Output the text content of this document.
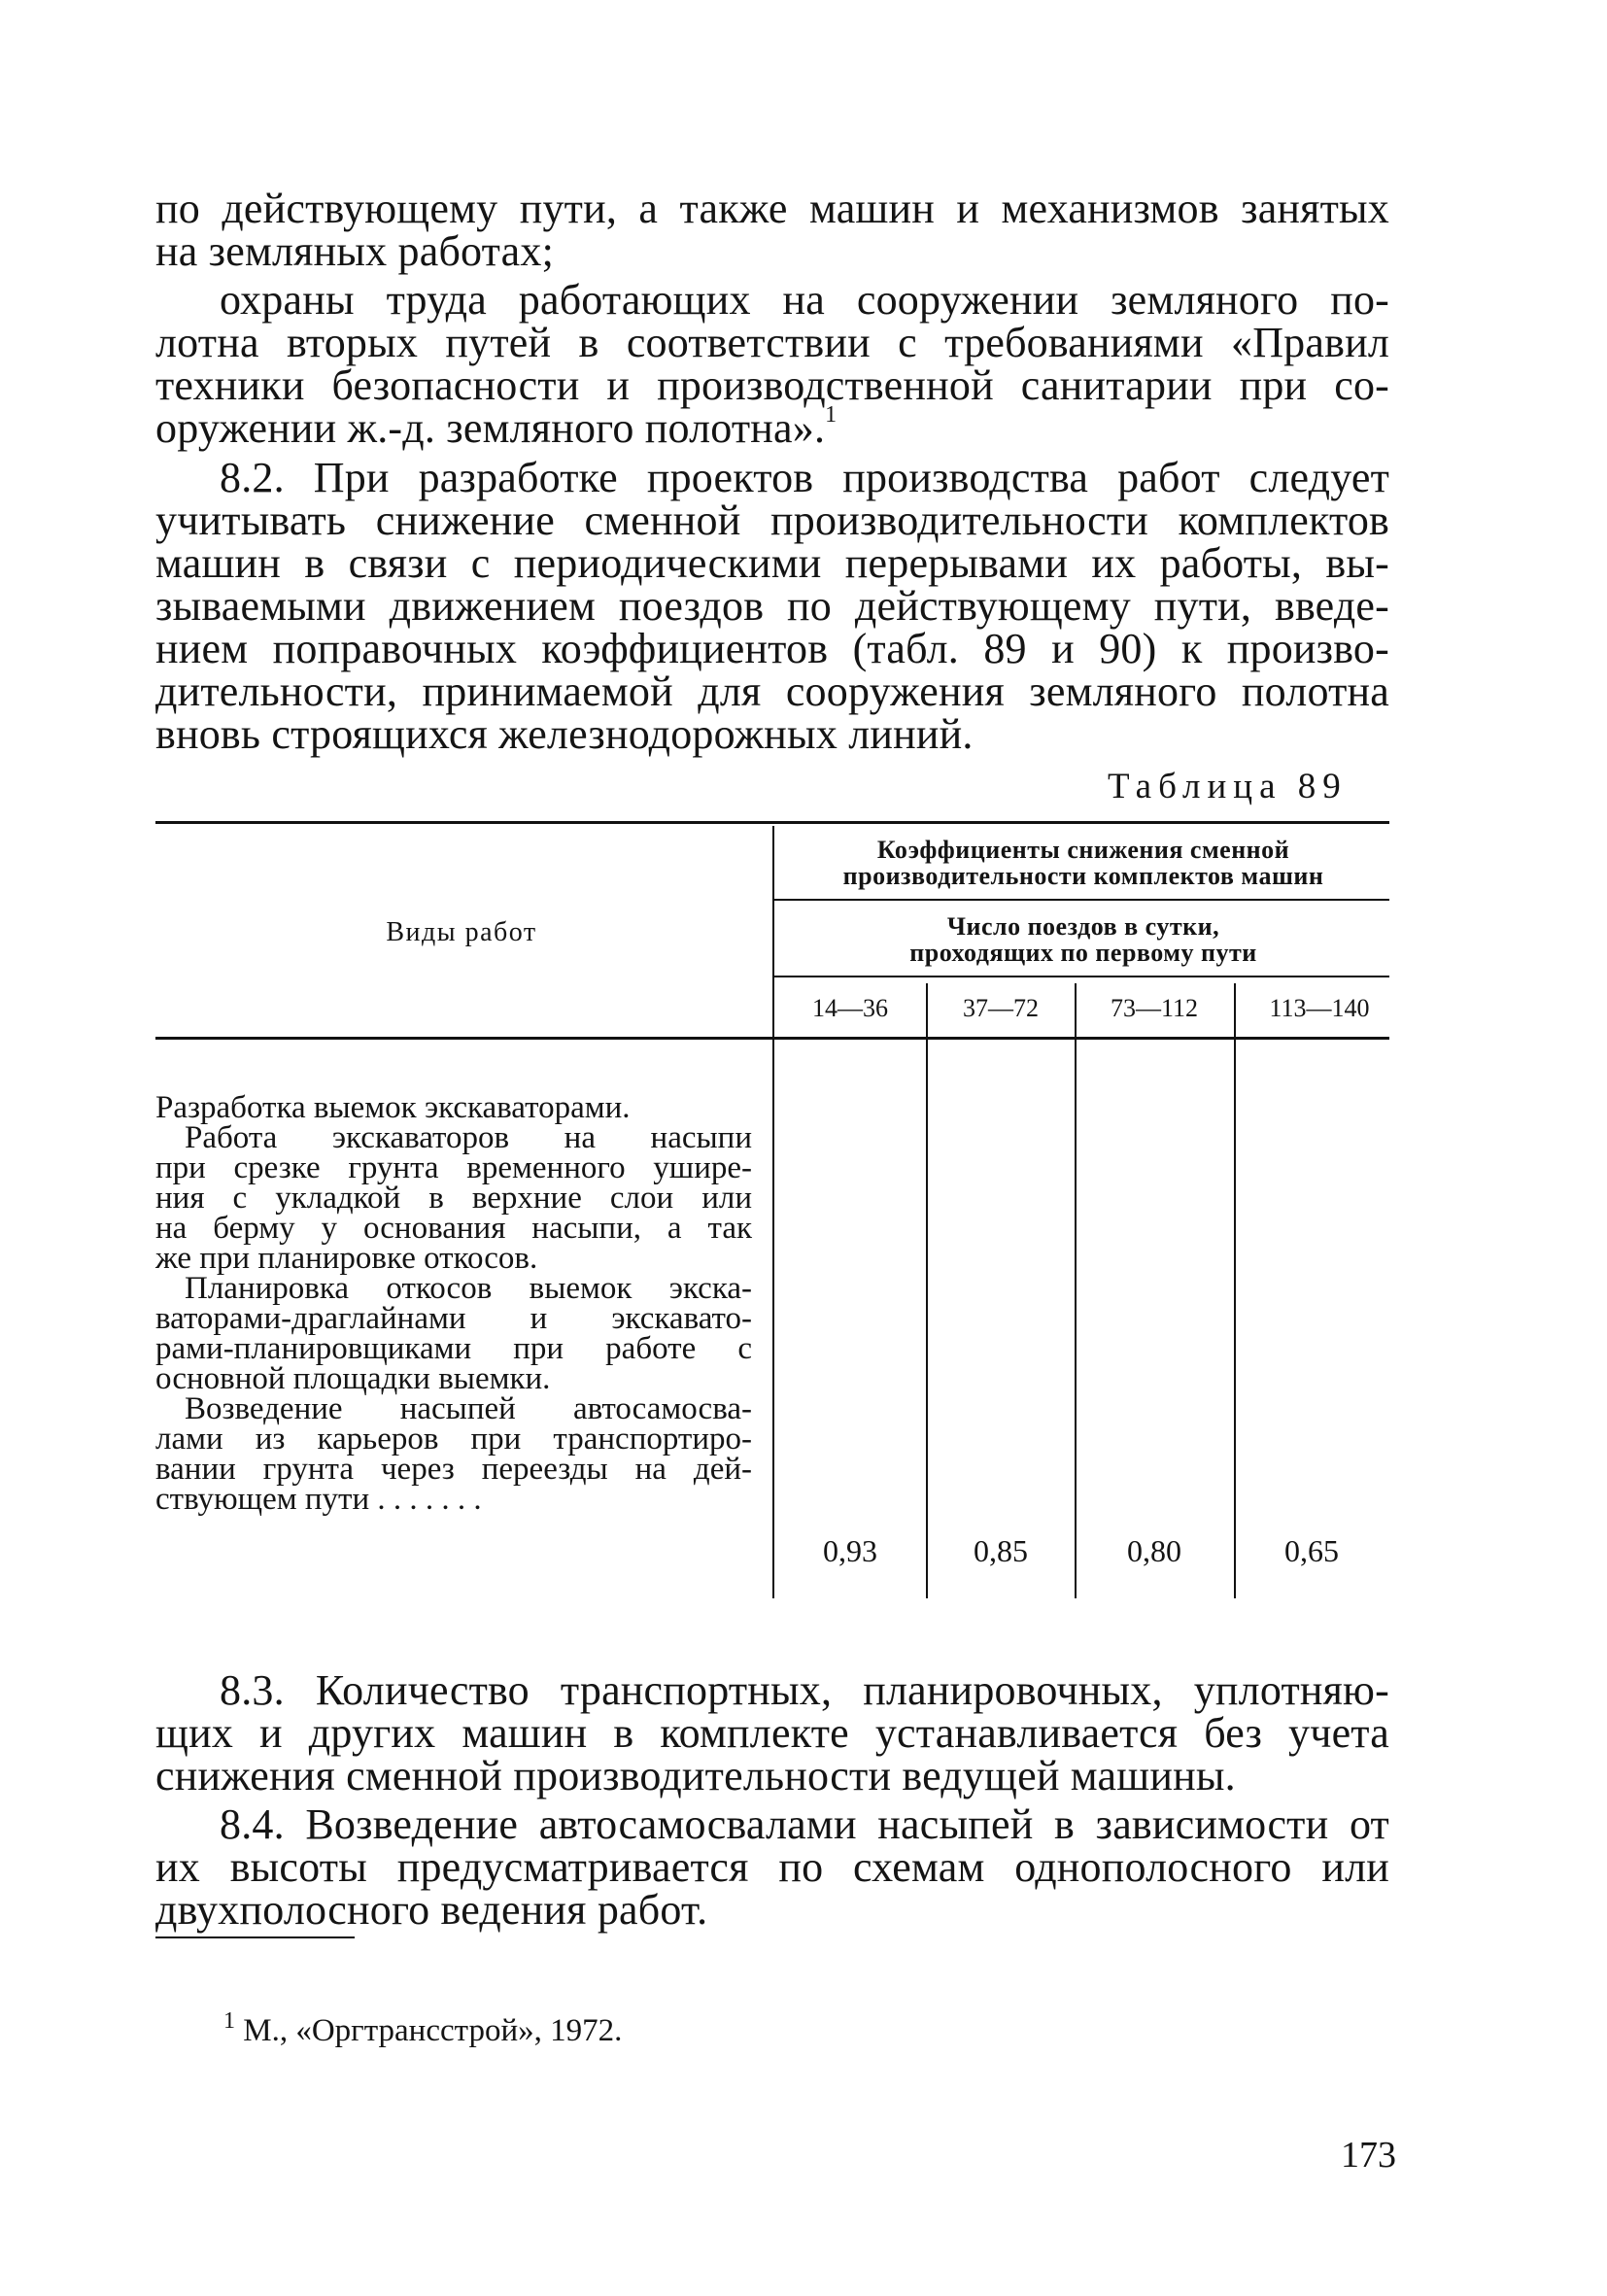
по действующему пути, а также машин и механизмов занятых
на земляных работах;
охраны труда работающих на сооружении земляного по-
лотна вторых путей в соответствии с требованиями «Правил
техники безопасности и производственной санитарии при со-
оружении ж.-д. земляного полотна».$^1$
8.2. При разработке проектов производства работ следует
учитывать снижение сменной производительности комплектов
машин в связи с периодическими перерывами их работы, вы-
зываемыми движением поездов по действующему пути, введе-
нием поправочных коэффициентов (табл. 89 и 90) к произво-
дительности, принимаемой для сооружения земляного полотна
вновь строящихся железнодорожных линий.
Таблица 89
Виды работ
Коэффициенты снижения сменной
производительности комплектов машин
Число поездов в сутки,
проходящих по первому пути
14—36	37—72	73—112	113—140
Разработка выемок экскаваторами.
Работа экскаваторов на насыпи
при срезке грунта временного ушире-
ния с укладкой в верхние слои или
на берму у основания насыпи, а так
же при планировке откосов.
Планировка откосов выемок экска-
ваторами-драглайнами и экскавато-
рами-планировщиками при работе с
основной площадки выемки.
Возведение насыпей автосамосва-
лами из карьеров при транспортиро-
вании грунта через переезды на дей-
ствующем пути . . . . . . .
0,93	0,85	0,80	0,65
8.3. Количество транспортных, планировочных, уплотняю-
щих и других машин в комплекте устанавливается без учета
снижения сменной производительности ведущей машины.
8.4. Возведение автосамосвалами насыпей в зависимости от
их высоты предусматривается по схемам однополосного или
двухполосного ведения работ.
$^1$ М., «Оргтрансстрой», 1972.
173
